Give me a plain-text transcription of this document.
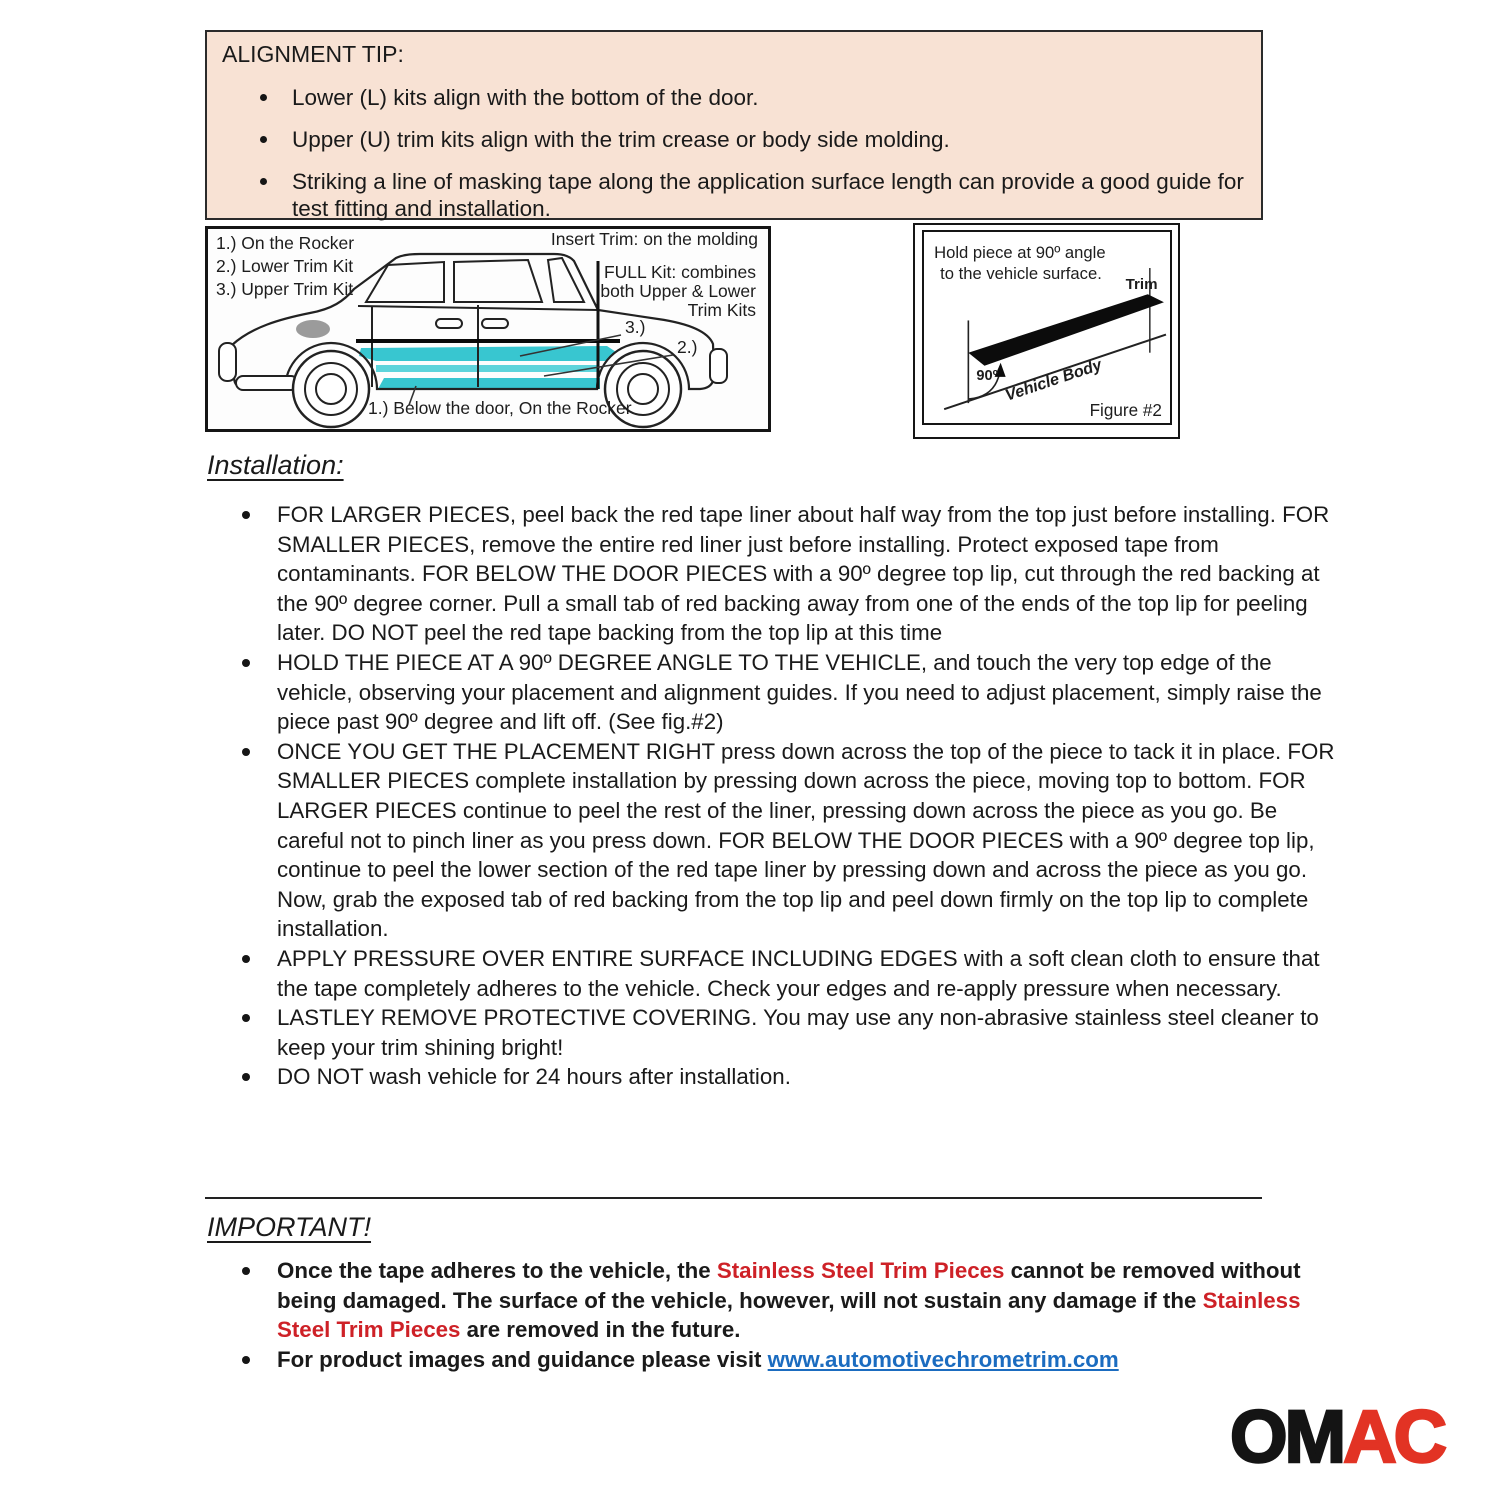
ALIGNMENT TIP:
Lower (L) kits align with the bottom of the door.
Upper (U) trim kits align with the trim crease or body side molding.
Striking a line of masking tape along the application surface length can provide a good guide for test fitting and installation.
1.) On the Rocker
2.) Lower Trim Kit
3.) Upper Trim Kit
Insert Trim: on the molding
FULL Kit: combines
both Upper & Lower
Trim Kits
3.)
2.)
1.) Below the door, On the Rocker
Hold piece at 90º angle
to the vehicle surface.
90º
Trim
Vehicle Body
Figure #2
Installation:
FOR LARGER PIECES, peel back the red tape liner about half way from the top just before installing. FOR SMALLER PIECES, remove the entire red liner just before installing. Protect exposed tape from contaminants. FOR BELOW THE DOOR PIECES with a 90º degree top lip, cut through the red backing at the 90º degree corner. Pull a small tab of red backing away from one of the ends of the top lip for peeling later. DO NOT peel the red tape backing from the top lip at this time
HOLD THE PIECE AT A 90º DEGREE ANGLE TO THE VEHICLE, and touch the very top edge of the vehicle, observing your placement and alignment guides. If you need to adjust placement, simply raise the piece past 90º degree and lift off. (See fig.#2)
ONCE YOU GET THE PLACEMENT RIGHT press down across the top of the piece to tack it in place. FOR SMALLER PIECES complete installation by pressing down across the piece, moving top to bottom. FOR LARGER PIECES continue to peel the rest of the liner, pressing down across the piece as you go. Be careful not to pinch liner as you press down. FOR BELOW THE DOOR PIECES with a 90º degree top lip, continue to peel the lower section of the red tape liner by pressing down and across the piece as you go. Now, grab the exposed tab of red backing from the top lip and peel down firmly on the top lip to complete installation.
APPLY PRESSURE OVER ENTIRE SURFACE INCLUDING EDGES with a soft clean cloth to ensure that the tape completely adheres to the vehicle. Check your edges and re-apply pressure when necessary.
LASTLEY REMOVE PROTECTIVE COVERING. You may use any non-abrasive stainless steel cleaner to keep your trim shining bright!
DO NOT wash vehicle for 24 hours after installation.
IMPORTANT!
Once the tape adheres to the vehicle, the Stainless Steel Trim Pieces cannot be removed without being damaged. The surface of the vehicle, however, will not sustain any damage if the Stainless Steel Trim Pieces are removed in the future.
For product images and guidance please visit www.automotivechrometrim.com
OMAC
